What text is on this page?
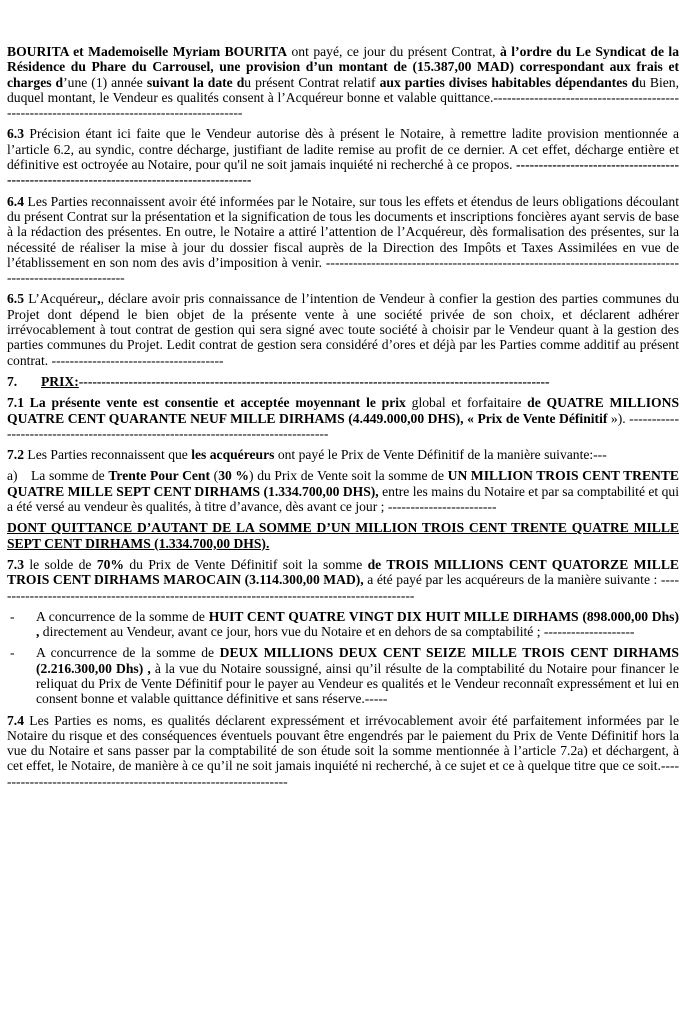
BOURITA et Mademoiselle Myriam BOURITA ont payé, ce jour du présent Contrat, à l’ordre du Le Syndicat de la Résidence du Phare du Carrousel, une provision d’un montant de (15.387,00 MAD) correspondant aux frais et charges d’une (1) année suivant la date du présent Contrat relatif aux parties divises habitables dépendantes du Bien, duquel montant, le Vendeur es qualités consent à l’Acquéreur bonne et valable quittance.---------------------------------------------------------------------------------------------

6.3 Précision étant ici faite que le Vendeur autorise dès à présent le Notaire, à remettre ladite provision mentionnée a l’article 6.2, au syndic, contre décharge, justifiant de ladite remise au profit de ce dernier. A cet effet, décharge entière et définitive est octroyée au Notaire, pour qu'il ne soit jamais inquiété ni recherché à ce propos. ------------------------------------------------------------------------------------------

6.4 Les Parties reconnaissent avoir été informées par le Notaire, sur tous les effets et étendus de leurs obligations découlant du présent Contrat sur la présentation et la signification de tous les documents et inscriptions foncières ayant servis de base à la rédaction des présentes. En outre, le Notaire a attiré l’attention de l’Acquéreur, dès formalisation des présentes, sur la nécessité de réaliser la mise à jour du dossier fiscal auprès de la Direction des Impôts et Taxes Assimilées en vue de l’établissement en son nom des avis d’imposition à venir. --------------------------------------------------------------------------------------------------------

6.5 L’Acquéreur,, déclare avoir pris connaissance de l’intention de Vendeur à confier la gestion des parties communes du Projet dont dépend le bien objet de la présente vente à une société privée de son choix, et déclarent adhérer irrévocablement à tout contrat de gestion qui sera signé avec toute société à choisir par le Vendeur quant à la gestion des parties communes du Projet. Ledit contrat de gestion sera considéré d’ores et déjà par les Parties comme additif au présent contrat. --------------------------------------

7. PRIX:--------------------------------------------------------------------------------------------------------

7.1 La présente vente est consentie et acceptée moyennant le prix global et forfaitaire de QUATRE MILLIONS QUATRE CENT QUARANTE NEUF MILLE DIRHAMS (4.449.000,00 DHS), « Prix de Vente Définitif »). ----------------------------------------------------------------------------------

7.2 Les Parties reconnaissent que les acquéreurs ont payé le Prix de Vente Définitif de la manière suivante:---

a) La somme de Trente Pour Cent (30 %) du Prix de Vente soit la somme de UN MILLION TROIS CENT TRENTE QUATRE MILLE SEPT CENT DIRHAMS (1.334.700,00 DHS), entre les mains du Notaire et par sa comptabilité et qui a été versé au vendeur ès qualités, à titre d’avance, dès avant ce jour ; ------------------------

DONT QUITTANCE D’AUTANT DE LA SOMME D’UN MILLION TROIS CENT TRENTE QUATRE MILLE SEPT CENT DIRHAMS (1.334.700,00 DHS).

7.3 le solde de 70% du Prix de Vente Définitif soit la somme de TROIS MILLIONS CENT QUATORZE MILLE TROIS CENT DIRHAMS MAROCAIN (3.114.300,00 MAD), a été payé par les acquéreurs de la manière suivante : ----------------------------------------------------------------------------------------------

- A concurrence de la somme de HUIT CENT QUATRE VINGT DIX HUIT MILLE DIRHAMS (898.000,00 Dhs) , directement au Vendeur, avant ce jour, hors vue du Notaire et en dehors de sa comptabilité ; --------------------
- A concurrence de la somme de DEUX MILLIONS DEUX CENT SEIZE MILLE TROIS CENT DIRHAMS (2.216.300,00 Dhs) , à la vue du Notaire soussigné, ainsi qu’il résulte de la comptabilité du Notaire pour financer le reliquat du Prix de Vente Définitif pour le payer au Vendeur es qualités et le Vendeur reconnaît expressément et lui en consent bonne et valable quittance définitive et sans réserve.-----

7.4 Les Parties es noms, es qualités déclarent expressément et irrévocablement avoir été parfaitement informées par le Notaire du risque et des conséquences éventuels pouvant être engendrés par le paiement du Prix de Vente Définitif hors la vue du Notaire et sans passer par la comptabilité de son étude soit la somme mentionnée à l’article 7.2a) et déchargent, à cet effet, le Notaire, de manière à ce qu’il ne soit jamais inquiété ni recherché, à ce sujet et ce à quelque titre que ce soit.------------------------------------------------------------------
